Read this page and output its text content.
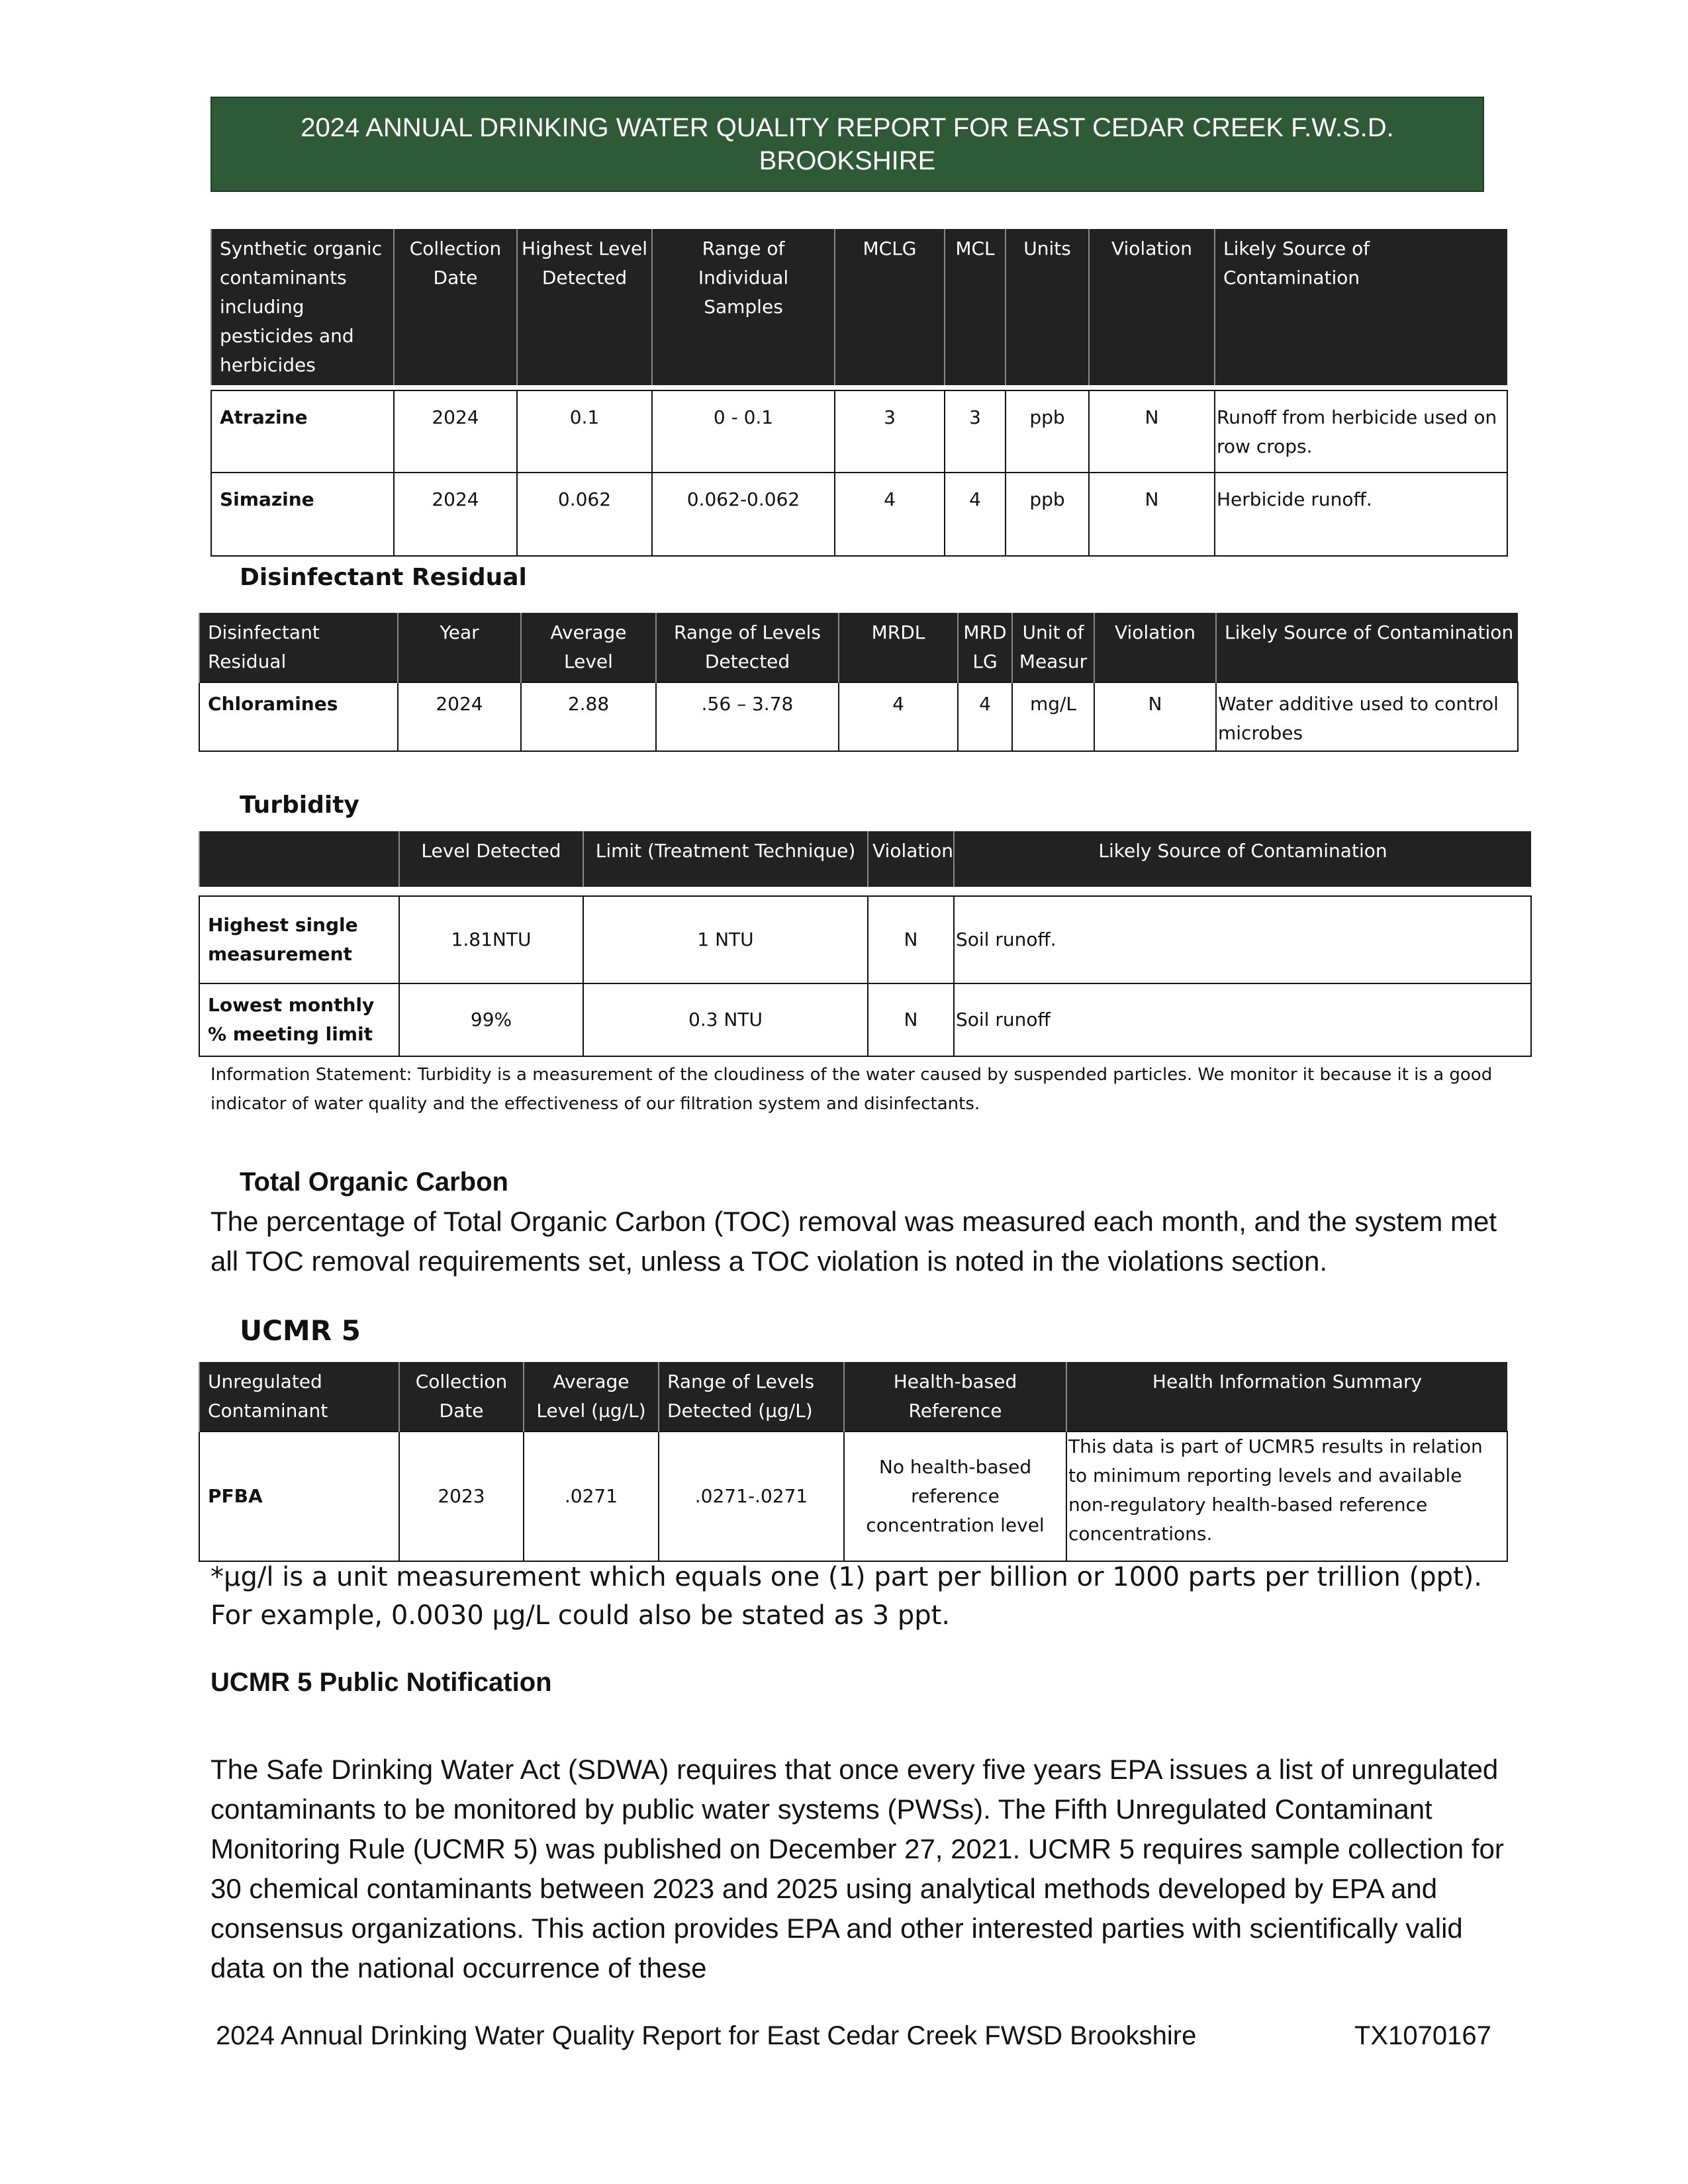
2024 ANNUAL DRINKING WATER QUALITY REPORT FOR EAST CEDAR CREEK F.W.S.D.
BROOKSHIRE
Synthetic organic contaminants including pesticides and herbicides	Collection Date	Highest Level Detected	Range of Individual Samples	MCLG	MCL	Units	Violation	Likely Source of Contamination

Atrazine	2024	0.1	0 - 0.1	3	3	ppb	N	Runoff from herbicide used on row crops.
Simazine	2024	0.062	0.062-0.062	4	4	ppb	N	Herbicide runoff.
Disinfectant Residual
Disinfectant Residual	Year	Average Level	Range of Levels Detected	MRDL	MRD LG	Unit of Measur	Violation	Likely Source of Contamination
Chloramines	2024	2.88	.56 – 3.78	4	4	mg/L	N	Water additive used to control microbes
Turbidity
	Level Detected	Limit (Treatment Technique)	Violation	Likely Source of Contamination

Highest single measurement	1.81NTU	1 NTU	N	Soil runoff.
Lowest monthly % meeting limit	99%	0.3 NTU	N	Soil runoff
Information Statement: Turbidity is a measurement of the cloudiness of the water caused by suspended particles. We monitor it because it is a good indicator of water quality and the effectiveness of our filtration system and disinfectants.
Total Organic Carbon
The percentage of Total Organic Carbon (TOC) removal was measured each month, and the system met all TOC removal requirements set, unless a TOC violation is noted in the violations section.
UCMR 5
Unregulated Contaminant	Collection Date	Average Level (µg/L)	Range of Levels Detected (µg/L)	Health-based Reference	Health Information Summary
PFBA	2023	.0271	.0271-.0271	No health-based reference concentration level	This data is part of UCMR5 results in relation to minimum reporting levels and available non-regulatory health-based reference concentrations.
*µg/l is a unit measurement which equals one (1) part per billion or 1000 parts per trillion (ppt). For example, 0.0030 µg/L could also be stated as 3 ppt.
UCMR 5 Public Notification
The Safe Drinking Water Act (SDWA) requires that once every five years EPA issues a list of unregulated contaminants to be monitored by public water systems (PWSs). The Fifth Unregulated Contaminant Monitoring Rule (UCMR 5) was published on December 27, 2021. UCMR 5 requires sample collection for 30 chemical contaminants between 2023 and 2025 using analytical methods developed by EPA and consensus organizations. This action provides EPA and other interested parties with scientifically valid data on the national occurrence of these
2024 Annual Drinking Water Quality Report for East Cedar Creek FWSD Brookshire	TX1070167
